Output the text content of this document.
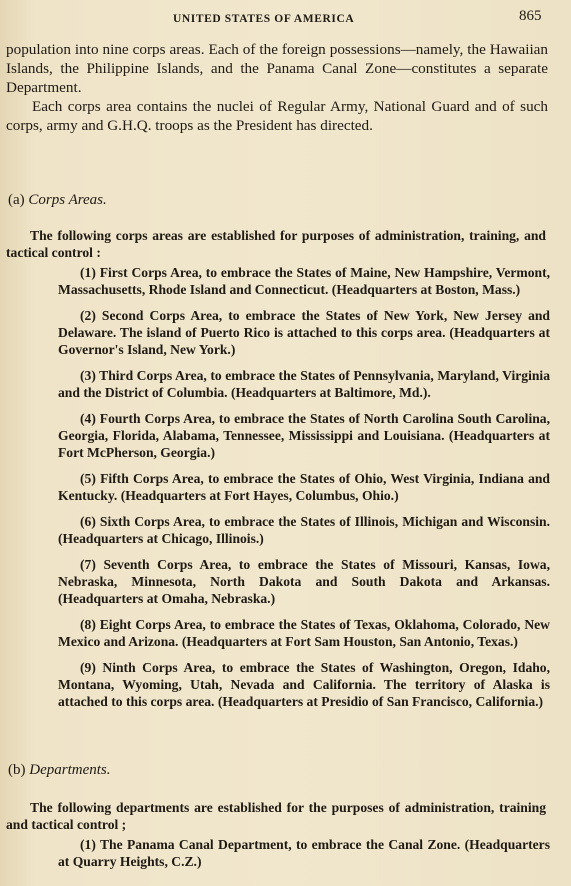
UNITED STATES OF AMERICA	865

population into nine corps areas. Each of the foreign possessions—namely, the Hawaiian Islands, the Philippine Islands, and the Panama Canal Zone—constitutes a separate Department.

Each corps area contains the nuclei of Regular Army, National Guard and of such corps, army and G.H.Q. troops as the President has directed.

(a) Corps Areas.

The following corps areas are established for purposes of administration, training, and tactical control :

(1) First Corps Area, to embrace the States of Maine, New Hampshire, Vermont, Massachusetts, Rhode Island and Connecticut. (Headquarters at Boston, Mass.)

(2) Second Corps Area, to embrace the States of New York, New Jersey and Delaware. The island of Puerto Rico is attached to this corps area. (Headquarters at Governor's Island, New York.)

(3) Third Corps Area, to embrace the States of Pennsylvania, Maryland, Virginia and the District of Columbia. (Headquarters at Baltimore, Md.).

(4) Fourth Corps Area, to embrace the States of North Carolina South Carolina, Georgia, Florida, Alabama, Tennessee, Mississippi and Louisiana. (Headquarters at Fort McPherson, Georgia.)

(5) Fifth Corps Area, to embrace the States of Ohio, West Virginia, Indiana and Kentucky. (Headquarters at Fort Hayes, Columbus, Ohio.)

(6) Sixth Corps Area, to embrace the States of Illinois, Michigan and Wisconsin. (Headquarters at Chicago, Illinois.)

(7) Seventh Corps Area, to embrace the States of Missouri, Kansas, Iowa, Nebraska, Minnesota, North Dakota and South Dakota and Arkansas. (Headquarters at Omaha, Nebraska.)

(8) Eight Corps Area, to embrace the States of Texas, Oklahoma, Colorado, New Mexico and Arizona. (Headquarters at Fort Sam Houston, San Antonio, Texas.)

(9) Ninth Corps Area, to embrace the States of Washington, Oregon, Idaho, Montana, Wyoming, Utah, Nevada and California. The territory of Alaska is attached to this corps area. (Headquarters at Presidio of San Francisco, California.)

(b) Departments.

The following departments are established for the purposes of administration, training and tactical control ;

(1) The Panama Canal Department, to embrace the Canal Zone. (Headquarters at Quarry Heights, C.Z.)
